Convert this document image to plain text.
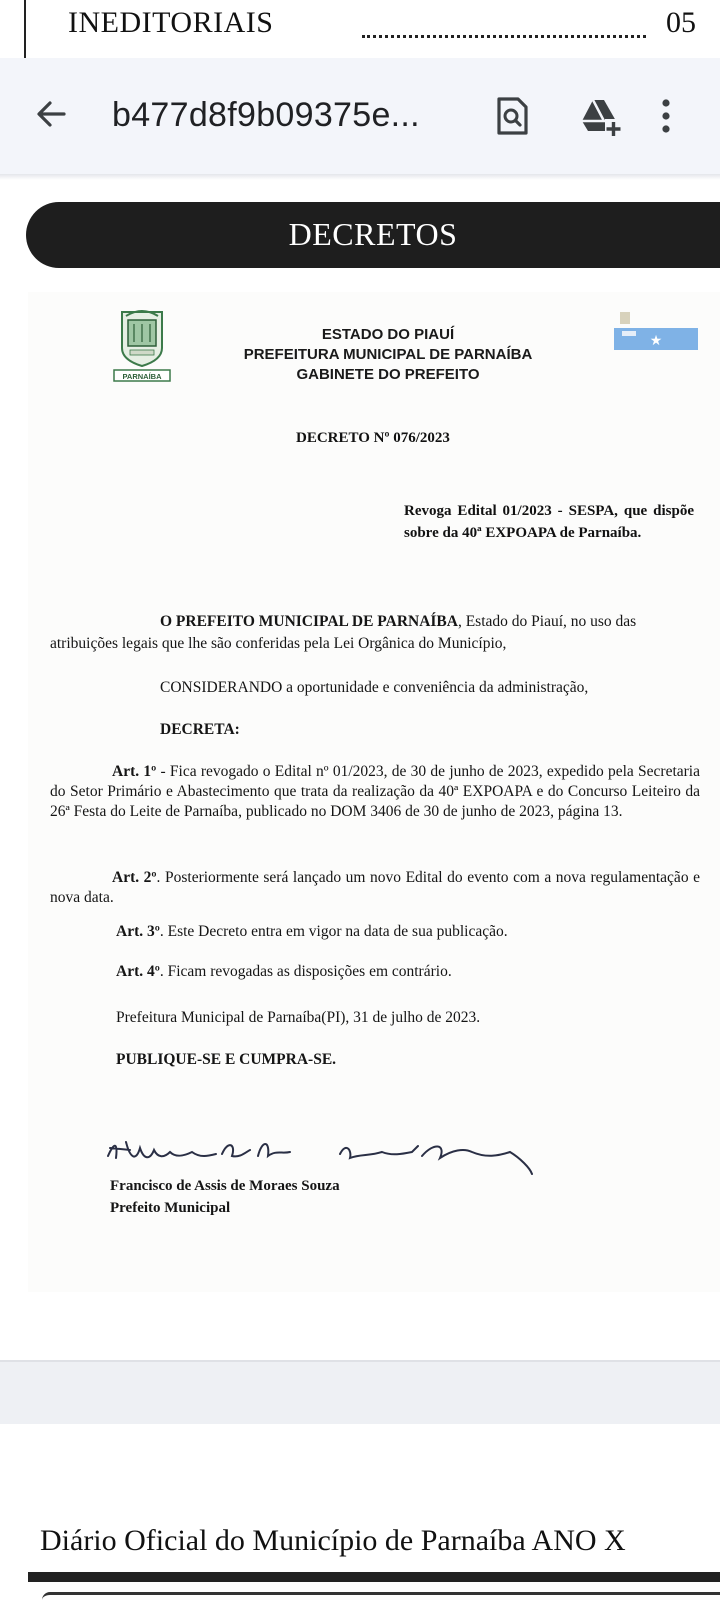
INEDITORIAIS	05
b477d8f9b09375e...
DECRETOS
PARNAÍBA
★
ESTADO DO PIAUÍ
PREFEITURA MUNICIPAL DE PARNAÍBA
GABINETE DO PREFEITO
DECRETO Nº 076/2023
Revoga Edital 01/2023 - SESPA, que dispõe sobre da 40ª EXPOAPA de Parnaíba.
O PREFEITO MUNICIPAL DE PARNAÍBA, Estado do Piauí, no uso das
atribuições legais que lhe são conferidas pela Lei Orgânica do Município,
CONSIDERANDO a oportunidade e conveniência da administração,
DECRETA:
Art. 1º - Fica revogado o Edital nº 01/2023, de 30 de junho de 2023, expedido pela Secretaria do Setor Primário e Abastecimento que trata da realização da 40ª EXPOAPA e do Concurso Leiteiro da 26ª Festa do Leite de Parnaíba, publicado no DOM 3406 de 30 de junho de 2023, página 13.
Art. 2º. Posteriormente será lançado um novo Edital do evento com a nova regulamentação e nova data.
Art. 3º. Este Decreto entra em vigor na data de sua publicação.
Art. 4º. Ficam revogadas as disposições em contrário.
Prefeitura Municipal de Parnaíba(PI), 31 de julho de 2023.
PUBLIQUE-SE E CUMPRA-SE.
Francisco de Assis de Moraes Souza
Prefeito Municipal
Diário Oficial do Município de Parnaíba ANO X
